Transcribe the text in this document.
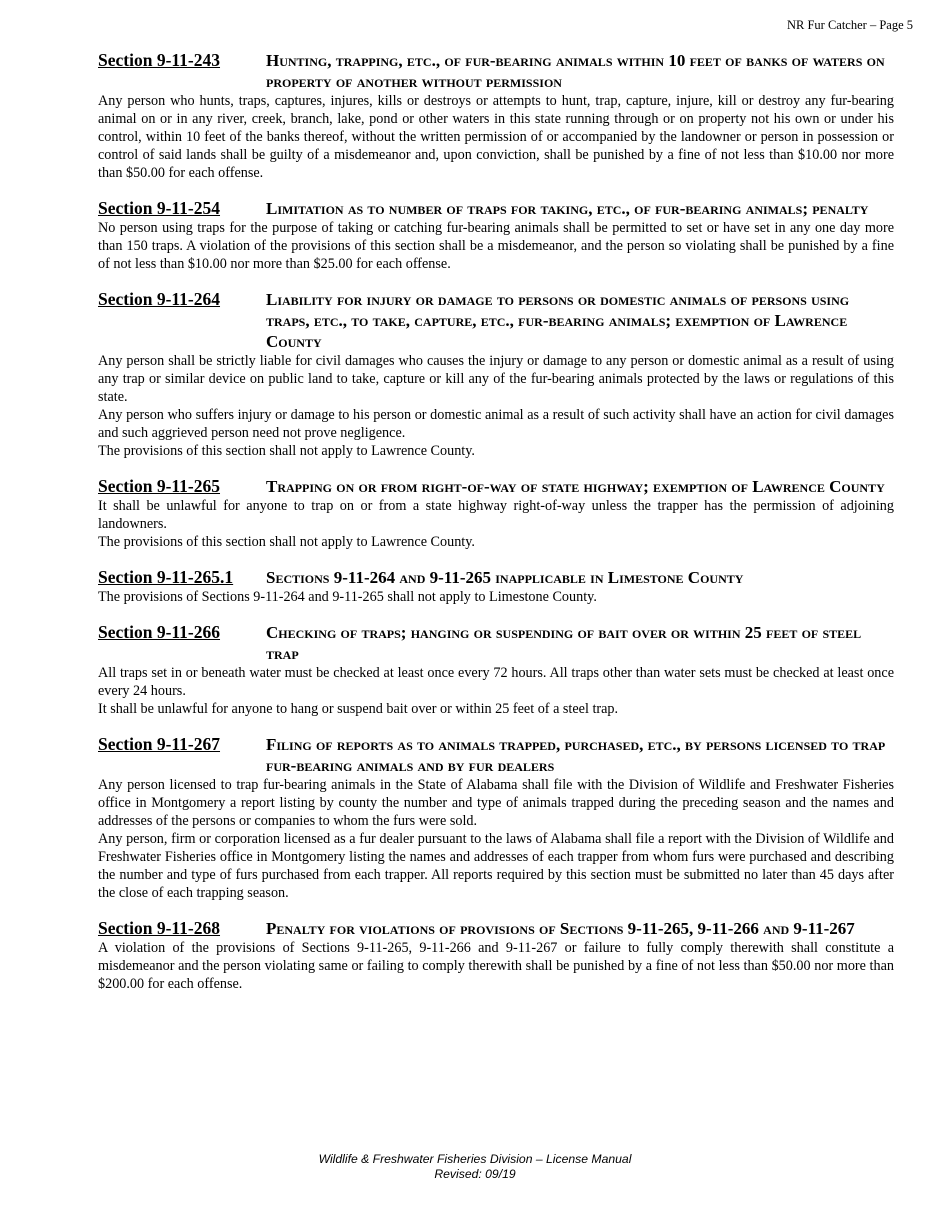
NR Fur Catcher – Page 5
Section 9-11-243	Hunting, trapping, etc., of fur-bearing animals within 10 feet of banks of waters on property of another without permission

Any person who hunts, traps, captures, injures, kills or destroys or attempts to hunt, trap, capture, injure, kill or destroy any fur-bearing animal on or in any river, creek, branch, lake, pond or other waters in this state running through or on property not his own or under his control, within 10 feet of the banks thereof, without the written permission of or accompanied by the landowner or person in possession or control of said lands shall be guilty of a misdemeanor and, upon conviction, shall be punished by a fine of not less than $10.00 nor more than $50.00 for each offense.

Section 9-11-254	Limitation as to number of traps for taking, etc., of fur-bearing animals; penalty

No person using traps for the purpose of taking or catching fur-bearing animals shall be permitted to set or have set in any one day more than 150 traps. A violation of the provisions of this section shall be a misdemeanor, and the person so violating shall be punished by a fine of not less than $10.00 nor more than $25.00 for each offense.

Section 9-11-264	Liability for injury or damage to persons or domestic animals of persons using traps, etc., to take, capture, etc., fur-bearing animals; exemption of Lawrence County

Any person shall be strictly liable for civil damages who causes the injury or damage to any person or domestic animal as a result of using any trap or similar device on public land to take, capture or kill any of the fur-bearing animals protected by the laws or regulations of this state.

Any person who suffers injury or damage to his person or domestic animal as a result of such activity shall have an action for civil damages and such aggrieved person need not prove negligence.

The provisions of this section shall not apply to Lawrence County.

Section 9-11-265	Trapping on or from right-of-way of state highway; exemption of Lawrence County

It shall be unlawful for anyone to trap on or from a state highway right-of-way unless the trapper has the permission of adjoining landowners.

The provisions of this section shall not apply to Lawrence County.

Section 9-11-265.1	Sections 9-11-264 and 9-11-265 inapplicable in Limestone County

The provisions of Sections 9-11-264 and 9-11-265 shall not apply to Limestone County.

Section 9-11-266	Checking of traps; hanging or suspending of bait over or within 25 feet of steel trap

All traps set in or beneath water must be checked at least once every 72 hours. All traps other than water sets must be checked at least once every 24 hours.

It shall be unlawful for anyone to hang or suspend bait over or within 25 feet of a steel trap.

Section 9-11-267	Filing of reports as to animals trapped, purchased, etc., by persons licensed to trap fur-bearing animals and by fur dealers

Any person licensed to trap fur-bearing animals in the State of Alabama shall file with the Division of Wildlife and Freshwater Fisheries office in Montgomery a report listing by county the number and type of animals trapped during the preceding season and the names and addresses of the persons or companies to whom the furs were sold.

Any person, firm or corporation licensed as a fur dealer pursuant to the laws of Alabama shall file a report with the Division of Wildlife and Freshwater Fisheries office in Montgomery listing the names and addresses of each trapper from whom furs were purchased and describing the number and type of furs purchased from each trapper. All reports required by this section must be submitted no later than 45 days after the close of each trapping season.

Section 9-11-268	Penalty for violations of provisions of Sections 9-11-265, 9-11-266 and 9-11-267

A violation of the provisions of Sections 9-11-265, 9-11-266 and 9-11-267 or failure to fully comply therewith shall constitute a misdemeanor and the person violating same or failing to comply therewith shall be punished by a fine of not less than $50.00 nor more than $200.00 for each offense.

Wildlife & Freshwater Fisheries Division – License Manual
Revised: 09/19
